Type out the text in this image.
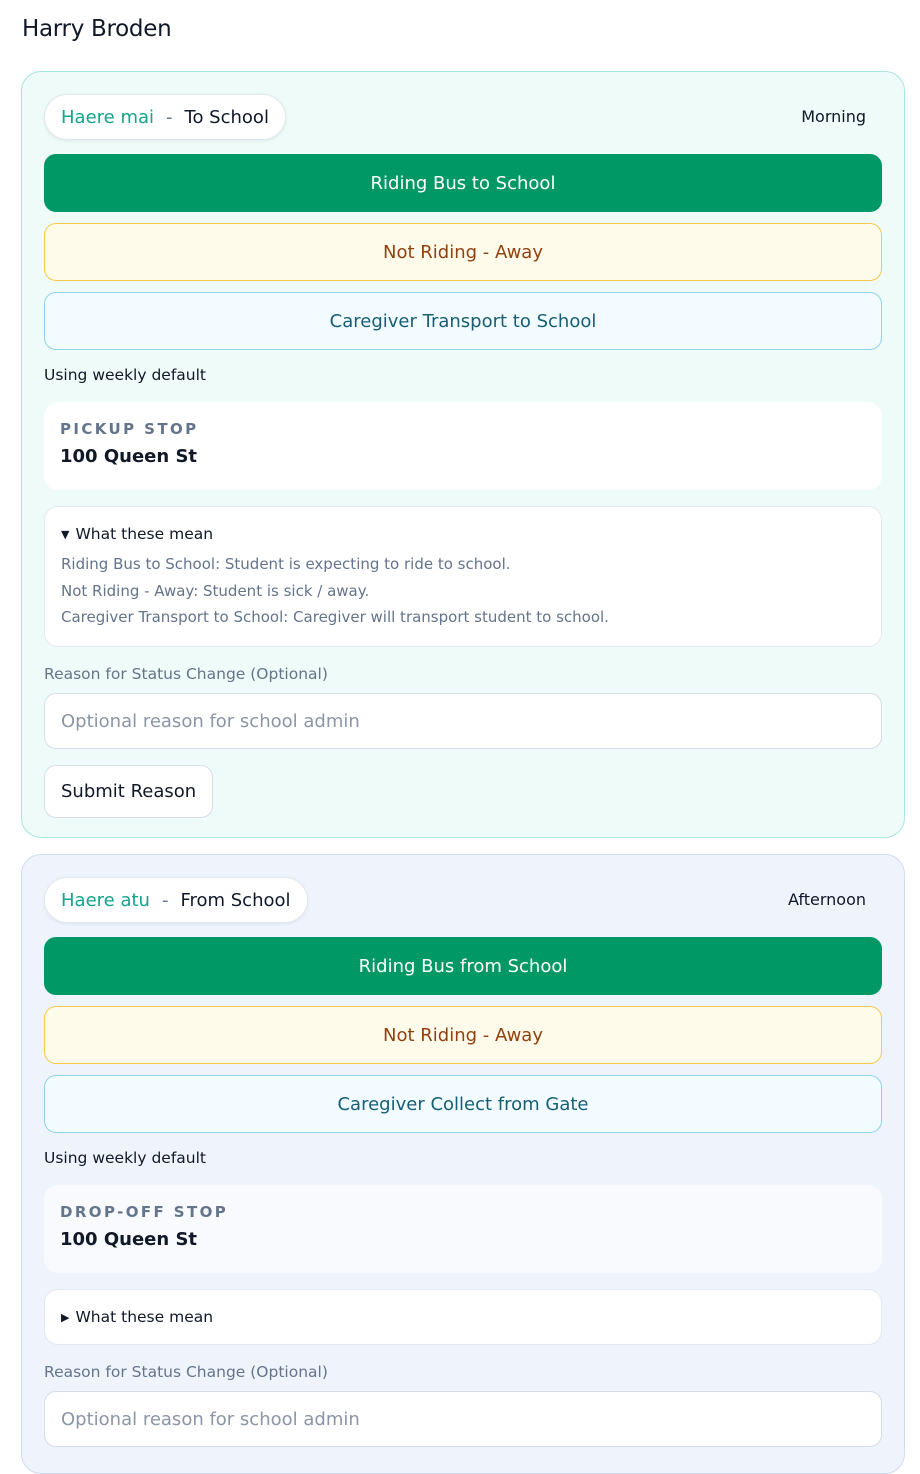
Harry Broden
Haere mai - To School	Morning
Riding Bus to School
Not Riding - Away
Caregiver Transport to School
Using weekly default
PICKUP STOP
100 Queen St
▼ What these mean
Riding Bus to School: Student is expecting to ride to school.
Not Riding - Away: Student is sick / away.
Caregiver Transport to School: Caregiver will transport student to school.
Reason for Status Change (Optional)
Optional reason for school admin Submit Reason
Haere atu - From School	Afternoon
Riding Bus from School
Not Riding - Away
Caregiver Collect from Gate
Using weekly default
DROP-OFF STOP
100 Queen St
▶ What these mean
Reason for Status Change (Optional)
Optional reason for school admin
